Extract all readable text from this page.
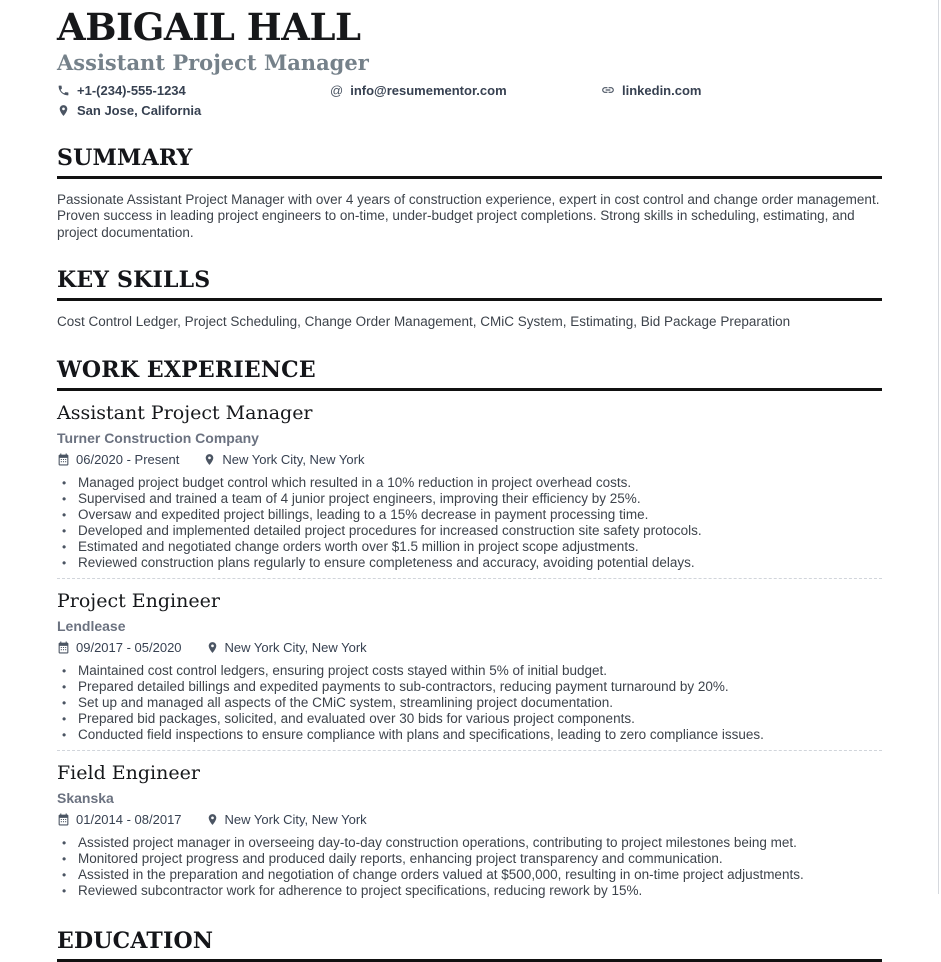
ABIGAIL HALL
Assistant Project Manager
+1-(234)-555-1234	@ info@resumementor.com	linkedin.com
San Jose, California
SUMMARY
Passionate Assistant Project Manager with over 4 years of construction experience, expert in cost control and change order management. Proven success in leading project engineers to on-time, under-budget project completions. Strong skills in scheduling, estimating, and project documentation.
KEY SKILLS
Cost Control Ledger, Project Scheduling, Change Order Management, CMiC System, Estimating, Bid Package Preparation
WORK EXPERIENCE
Assistant Project Manager
Turner Construction Company
06/2020 - Present	New York City, New York
• Managed project budget control which resulted in a 10% reduction in project overhead costs.
• Supervised and trained a team of 4 junior project engineers, improving their efficiency by 25%.
• Oversaw and expedited project billings, leading to a 15% decrease in payment processing time.
• Developed and implemented detailed project procedures for increased construction site safety protocols.
• Estimated and negotiated change orders worth over $1.5 million in project scope adjustments.
• Reviewed construction plans regularly to ensure completeness and accuracy, avoiding potential delays.
Project Engineer
Lendlease
09/2017 - 05/2020	New York City, New York
• Maintained cost control ledgers, ensuring project costs stayed within 5% of initial budget.
• Prepared detailed billings and expedited payments to sub-contractors, reducing payment turnaround by 20%.
• Set up and managed all aspects of the CMiC system, streamlining project documentation.
• Prepared bid packages, solicited, and evaluated over 30 bids for various project components.
• Conducted field inspections to ensure compliance with plans and specifications, leading to zero compliance issues.
Field Engineer
Skanska
01/2014 - 08/2017	New York City, New York
• Assisted project manager in overseeing day-to-day construction operations, contributing to project milestones being met.
• Monitored project progress and produced daily reports, enhancing project transparency and communication.
• Assisted in the preparation and negotiation of change orders valued at $500,000, resulting in on-time project adjustments.
• Reviewed subcontractor work for adherence to project specifications, reducing rework by 15%.
EDUCATION
